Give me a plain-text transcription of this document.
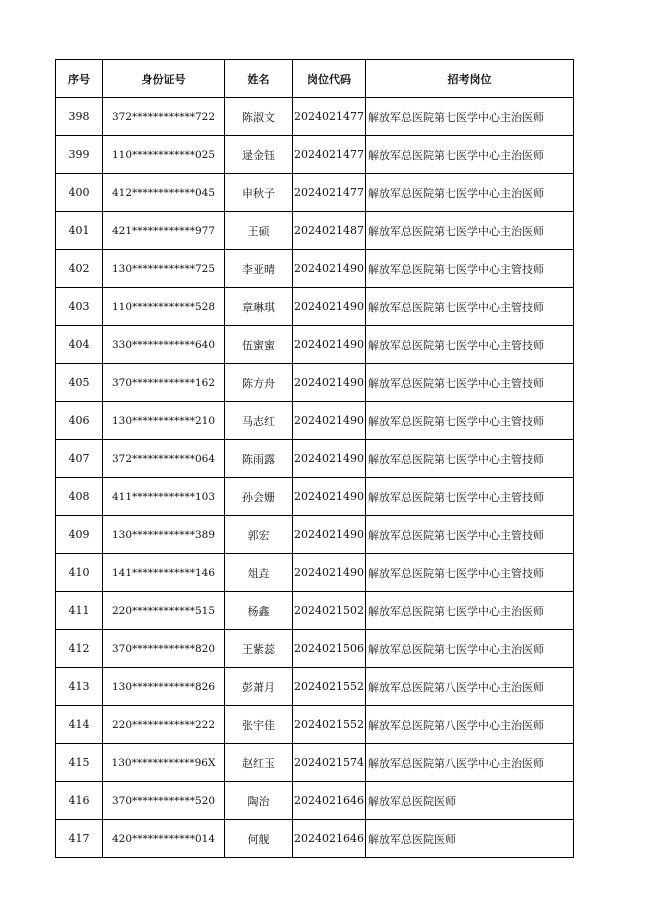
序号	身份证号	姓名	岗位代码	招考岗位
398	372************722	陈淑文	2024021477	解放军总医院第七医学中心主治医师
399	110************025	逯金钰	2024021477	解放军总医院第七医学中心主治医师
400	412************045	申秋子	2024021477	解放军总医院第七医学中心主治医师
401	421************977	王硕	2024021487	解放军总医院第七医学中心主治医师
402	130************725	李亚晴	2024021490	解放军总医院第七医学中心主管技师
403	110************528	章琳琪	2024021490	解放军总医院第七医学中心主管技师
404	330************640	伍蜜蜜	2024021490	解放军总医院第七医学中心主管技师
405	370************162	陈方舟	2024021490	解放军总医院第七医学中心主管技师
406	130************210	马志红	2024021490	解放军总医院第七医学中心主管技师
407	372************064	陈雨露	2024021490	解放军总医院第七医学中心主管技师
408	411************103	孙会姗	2024021490	解放军总医院第七医学中心主管技师
409	130************389	郭宏	2024021490	解放军总医院第七医学中心主管技师
410	141************146	俎垚	2024021490	解放军总医院第七医学中心主管技师
411	220************515	杨鑫	2024021502	解放军总医院第七医学中心主治医师
412	370************820	王紫蕊	2024021506	解放军总医院第七医学中心主治医师
413	130************826	彭萧月	2024021552	解放军总医院第八医学中心主治医师
414	220************222	张宇佳	2024021552	解放军总医院第八医学中心主治医师
415	130************96X	赵红玉	2024021574	解放军总医院第八医学中心主治医师
416	370************520	陶治	2024021646	解放军总医院医师
417	420************014	何舰	2024021646	解放军总医院医师
